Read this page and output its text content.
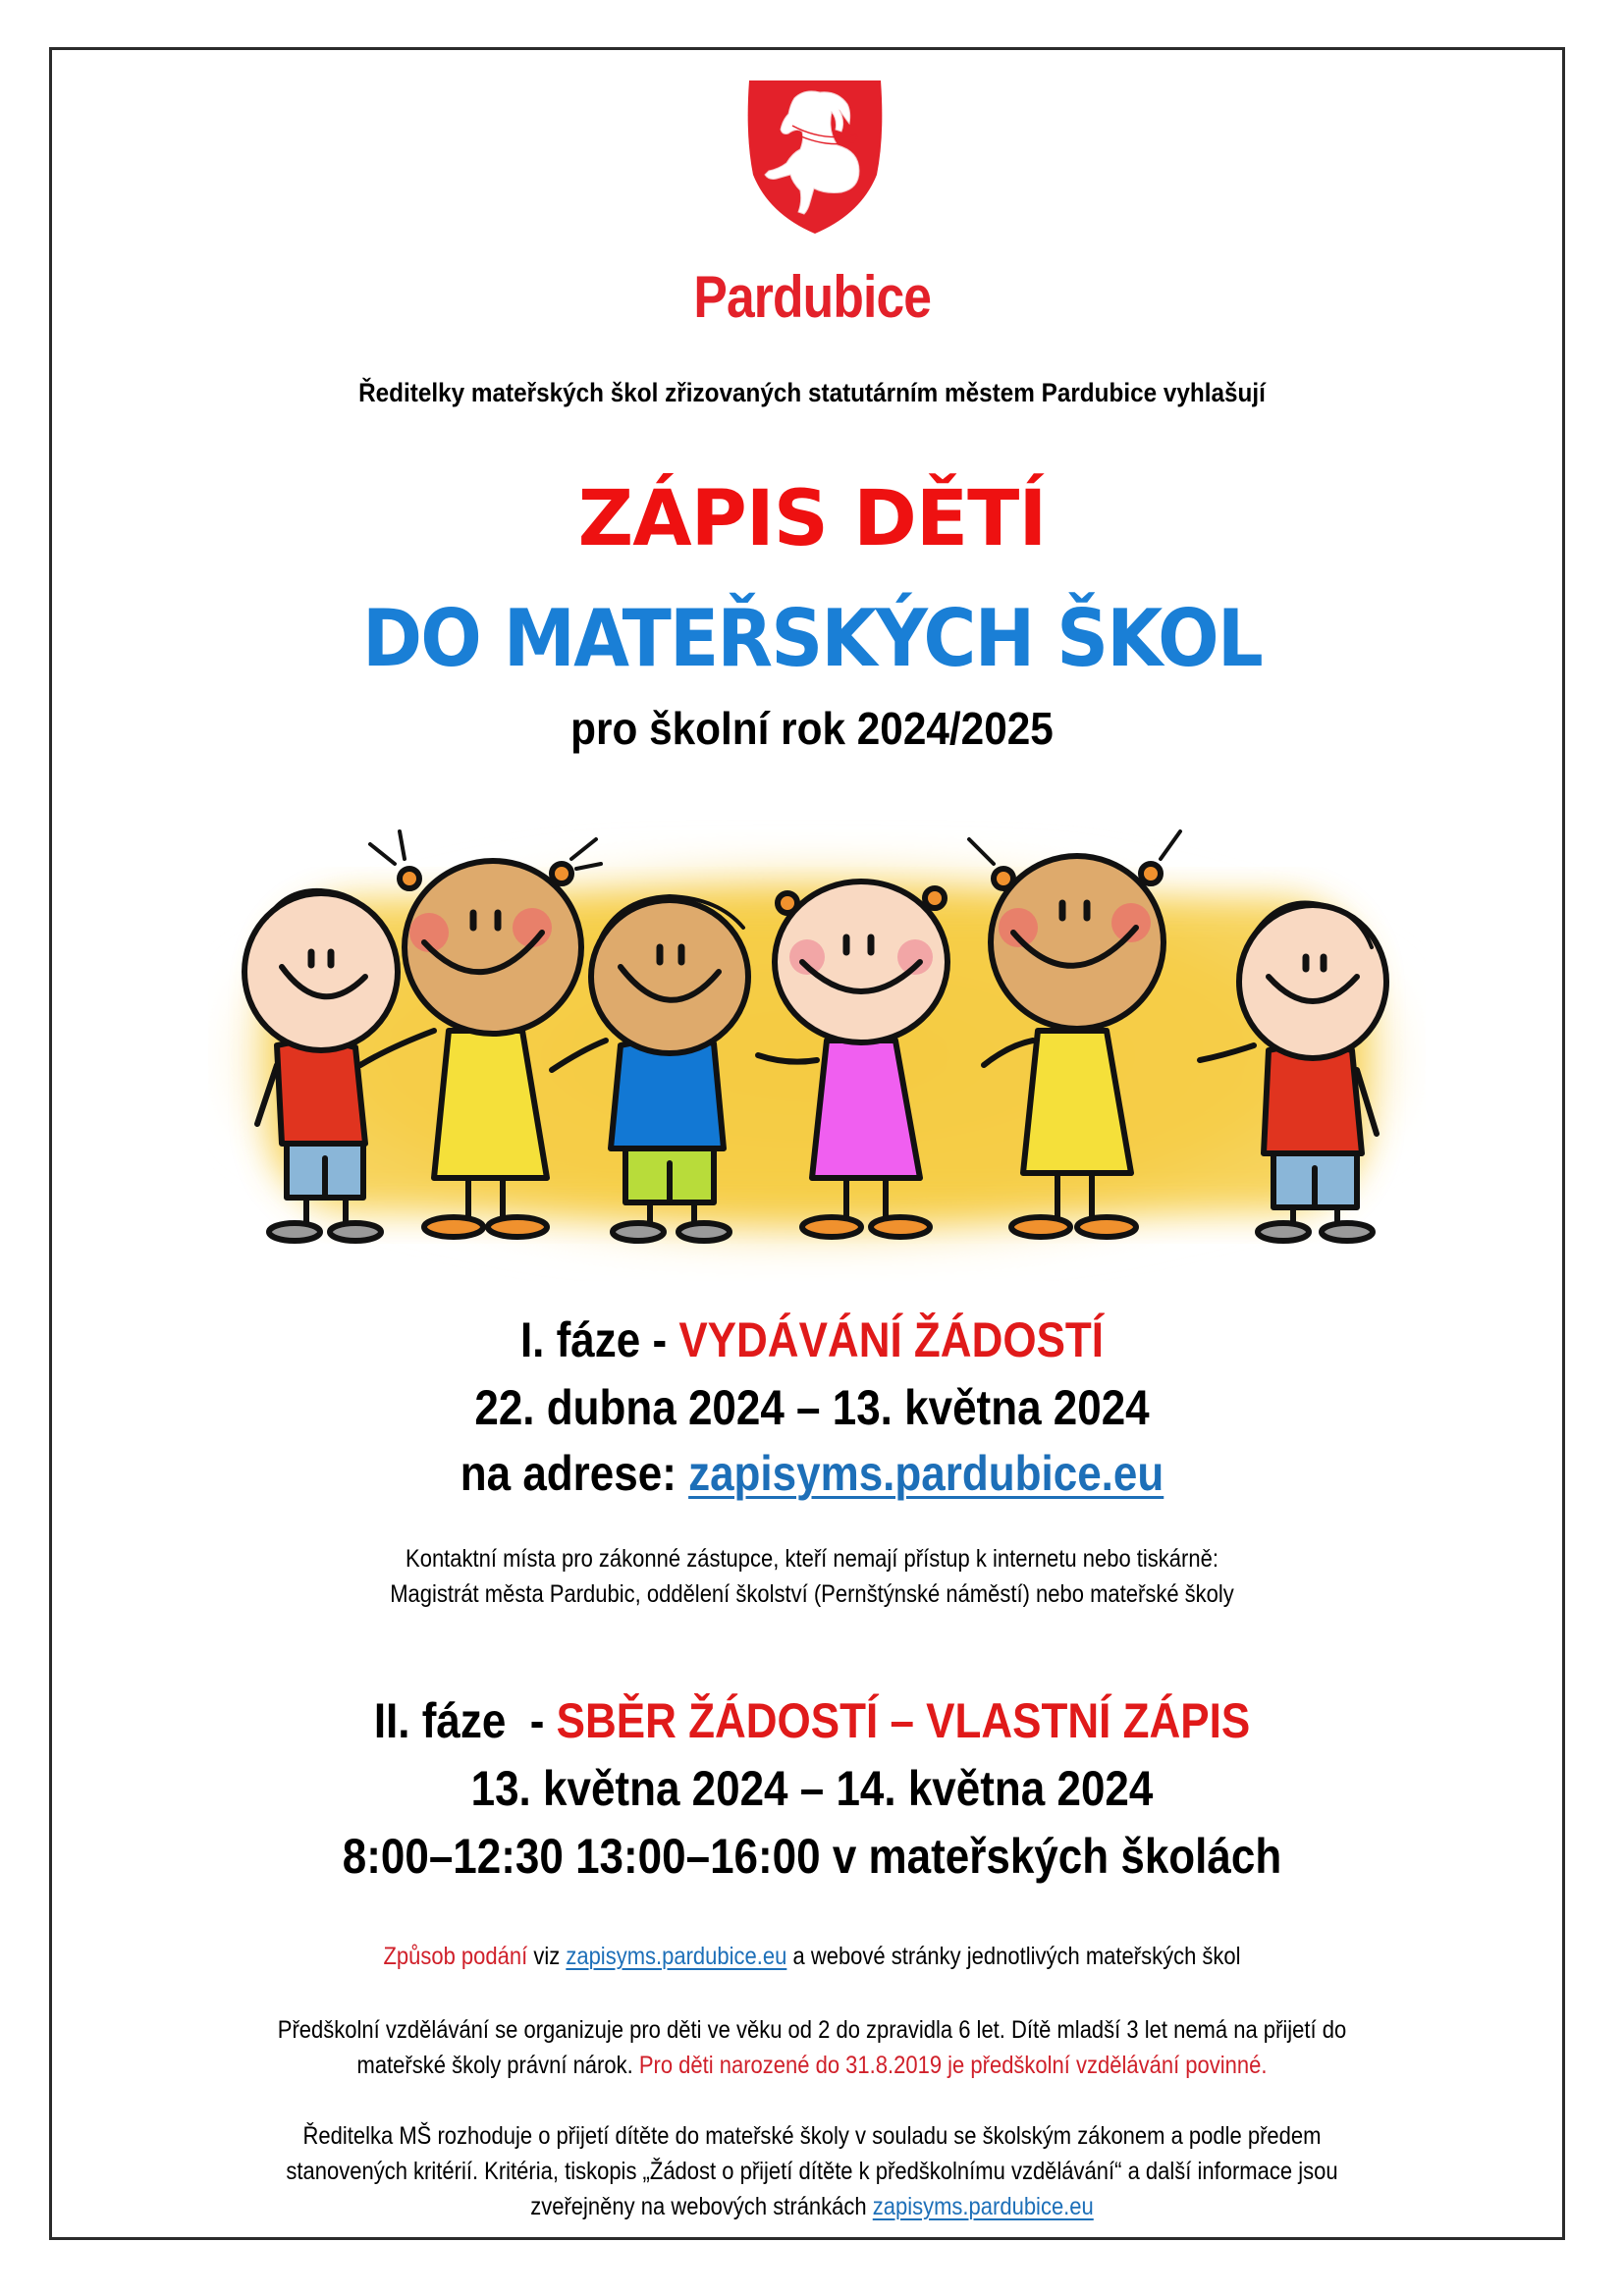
Pardubice
Ředitelky mateřských škol zřizovaných statutárním městem Pardubice vyhlašují
ZÁPIS DĚTÍ
DO MATEŘSKÝCH ŠKOL
pro školní rok 2024/2025
I. fáze - VYDÁVÁNÍ ŽÁDOSTÍ
22. dubna 2024 – 13. května 2024
na adrese: zapisyms.pardubice.eu
Kontaktní místa pro zákonné zástupce, kteří nemají přístup k internetu nebo tiskárně:
Magistrát města Pardubic, oddělení školství (Pernštýnské náměstí) nebo mateřské školy
II. fáze  - SBĚR ŽÁDOSTÍ – VLASTNÍ ZÁPIS
13. května 2024 – 14. května 2024
8:00–12:30 13:00–16:00 v mateřských školách
Způsob podání viz zapisyms.pardubice.eu a webové stránky jednotlivých mateřských škol
Předškolní vzdělávání se organizuje pro děti ve věku od 2 do zpravidla 6 let. Dítě mladší 3 let nemá na přijetí do
mateřské školy právní nárok. Pro děti narozené do 31.8.2019 je předškolní vzdělávání povinné.
Ředitelka MŠ rozhoduje o přijetí dítěte do mateřské školy v souladu se školským zákonem a podle předem
stanovených kritérií. Kritéria, tiskopis „Žádost o přijetí dítěte k předškolnímu vzdělávání“ a další informace jsou
zveřejněny na webových stránkách zapisyms.pardubice.eu
